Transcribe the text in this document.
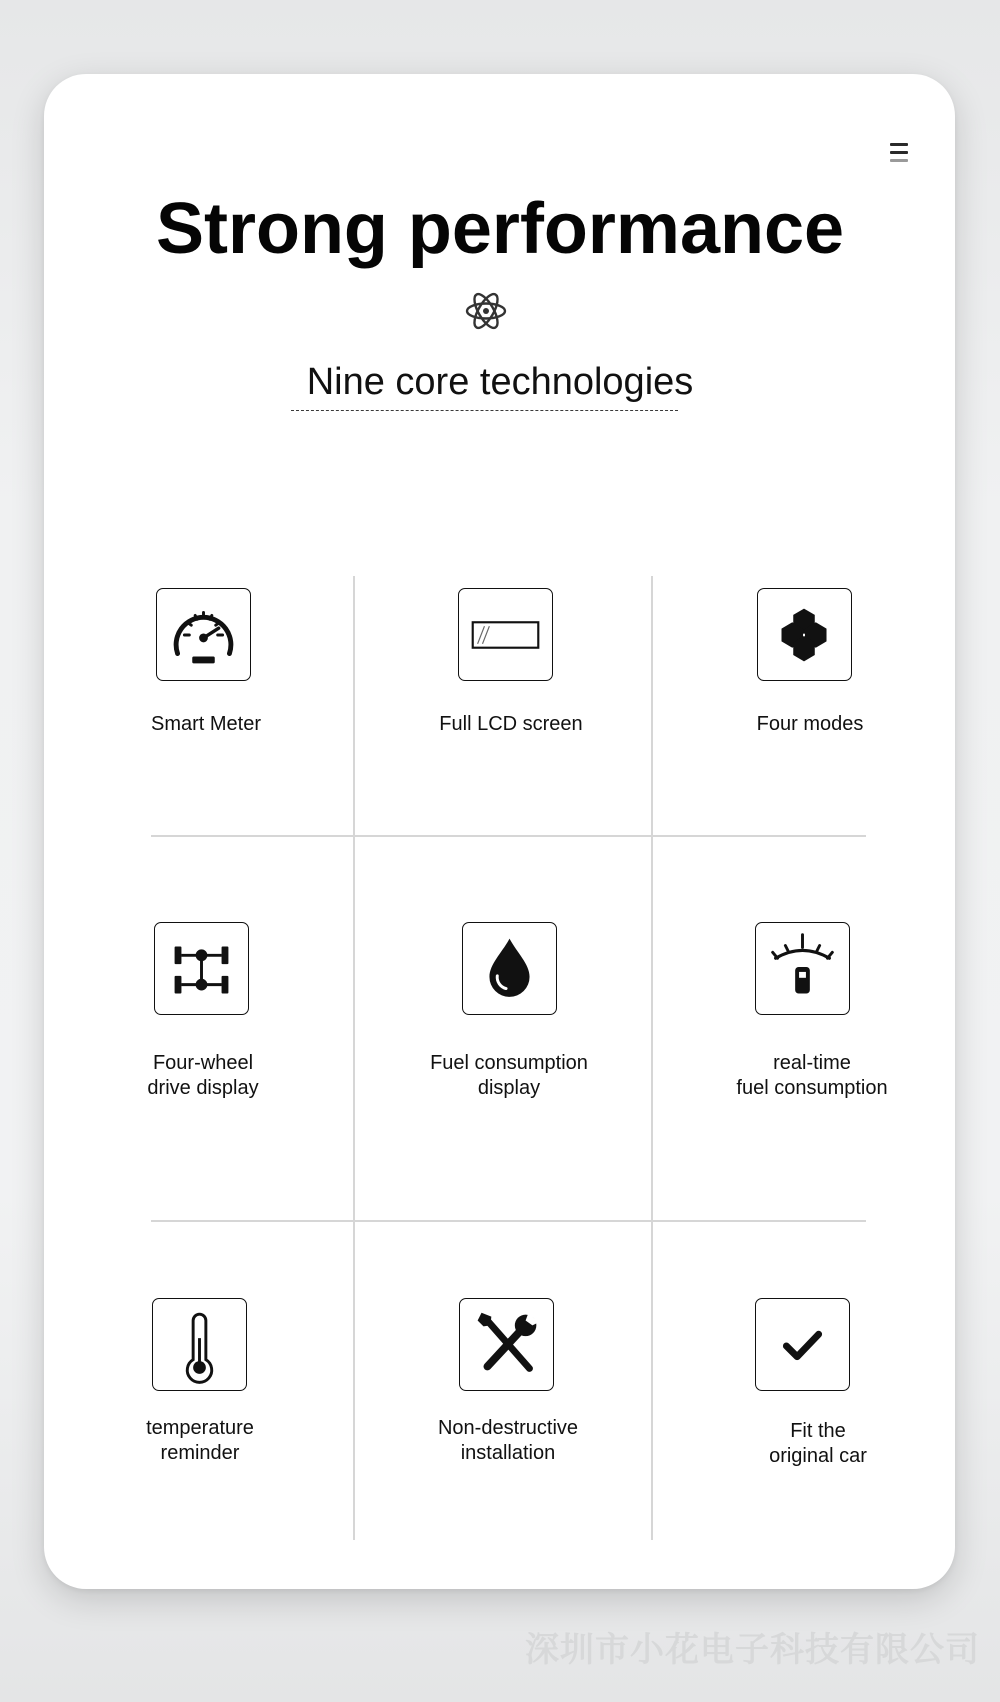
Strong performance
Nine core technologies
Smart Meter	Full LCD screen	Four modes
Four-wheel
drive display
Fuel consumption
display
real-time
fuel consumption
temperature
reminder
Non-destructive
installation
Fit the
original car
深圳市小花电子科技有限公司
